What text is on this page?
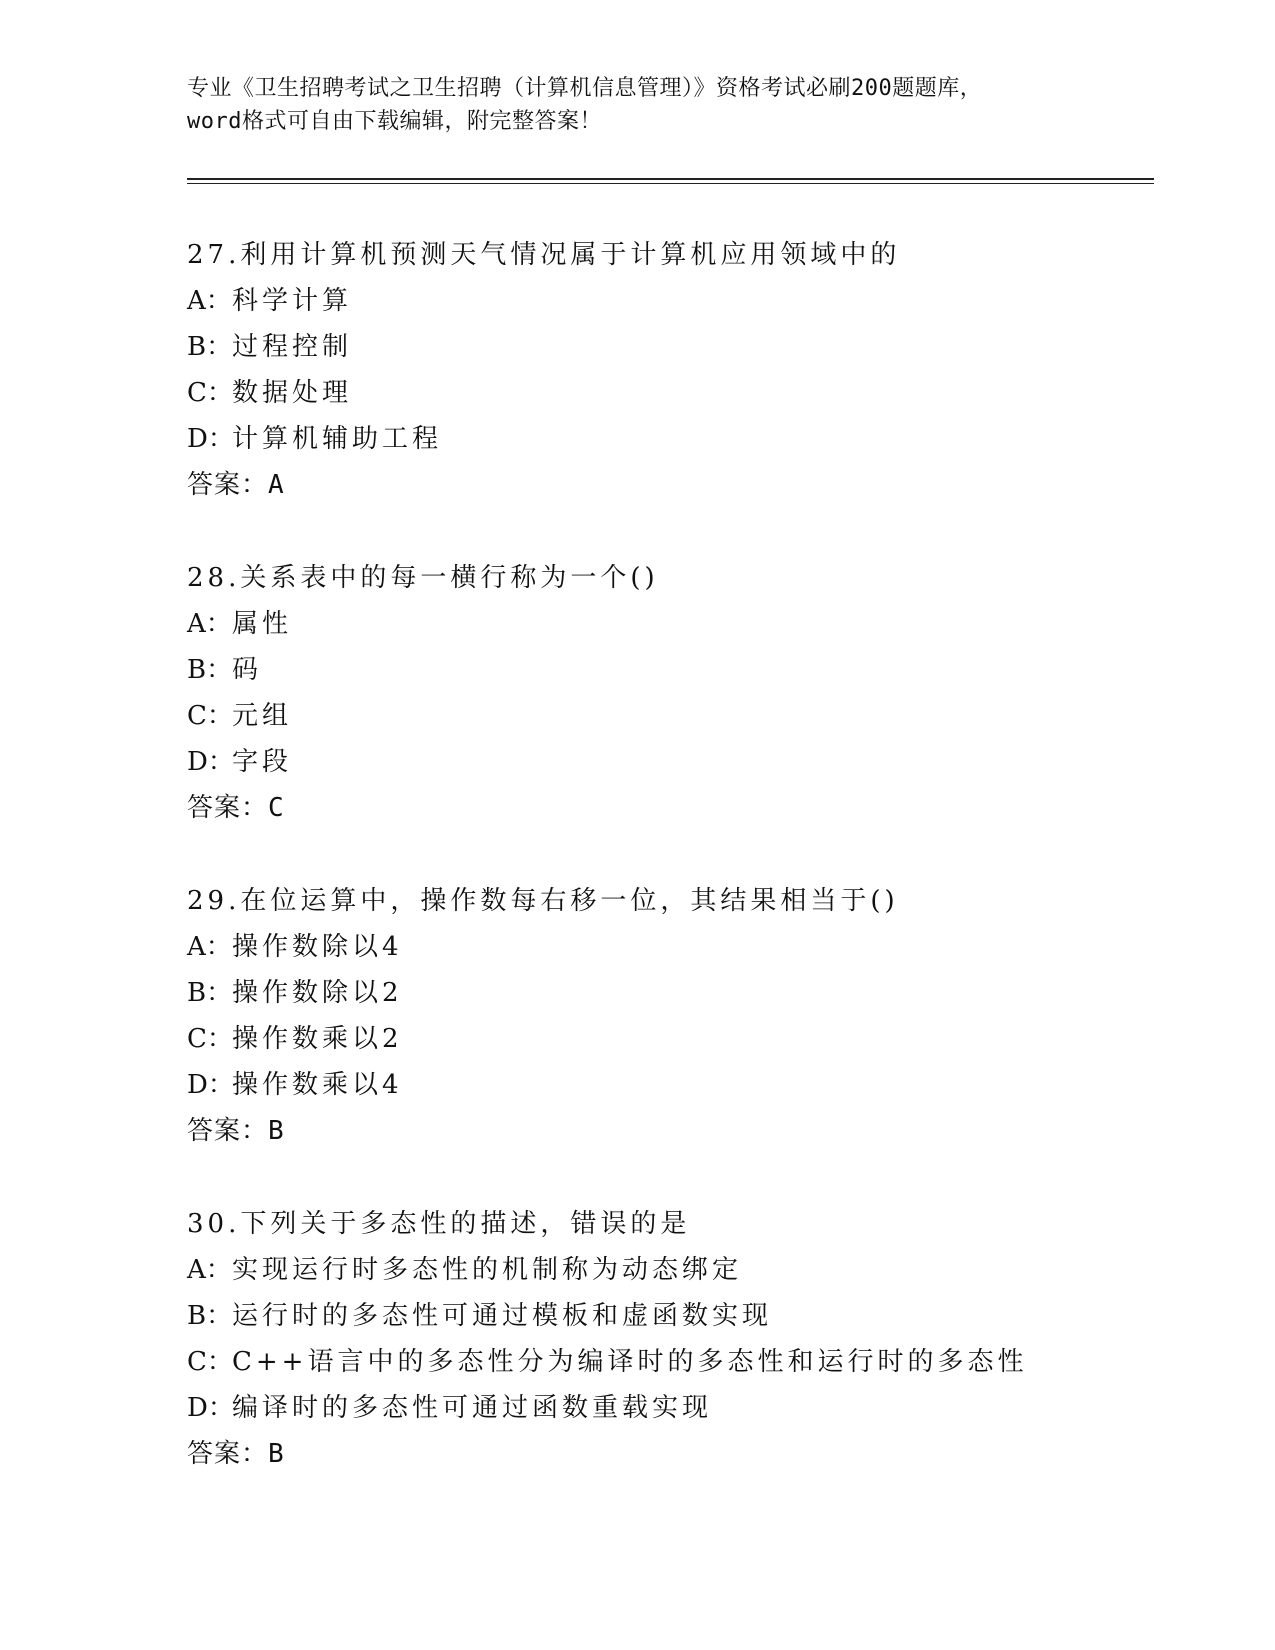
专业《卫生招聘考试之卫生招聘（计算机信息管理）》资格考试必刷200题题库，
word格式可自由下载编辑，附完整答案！
27.利用计算机预测天气情况属于计算机应用领域中的
A：科学计算
B：过程控制
C：数据处理
D：计算机辅助工程
答案：A
28.关系表中的每一横行称为一个()
A：属性
B：码
C：元组
D：字段
答案：C
29.在位运算中，操作数每右移一位，其结果相当于()
A：操作数除以4
B：操作数除以2
C：操作数乘以2
D：操作数乘以4
答案：B
30.下列关于多态性的描述，错误的是
A：实现运行时多态性的机制称为动态绑定
B：运行时的多态性可通过模板和虚函数实现
C：C++语言中的多态性分为编译时的多态性和运行时的多态性
D：编译时的多态性可通过函数重载实现
答案：B
